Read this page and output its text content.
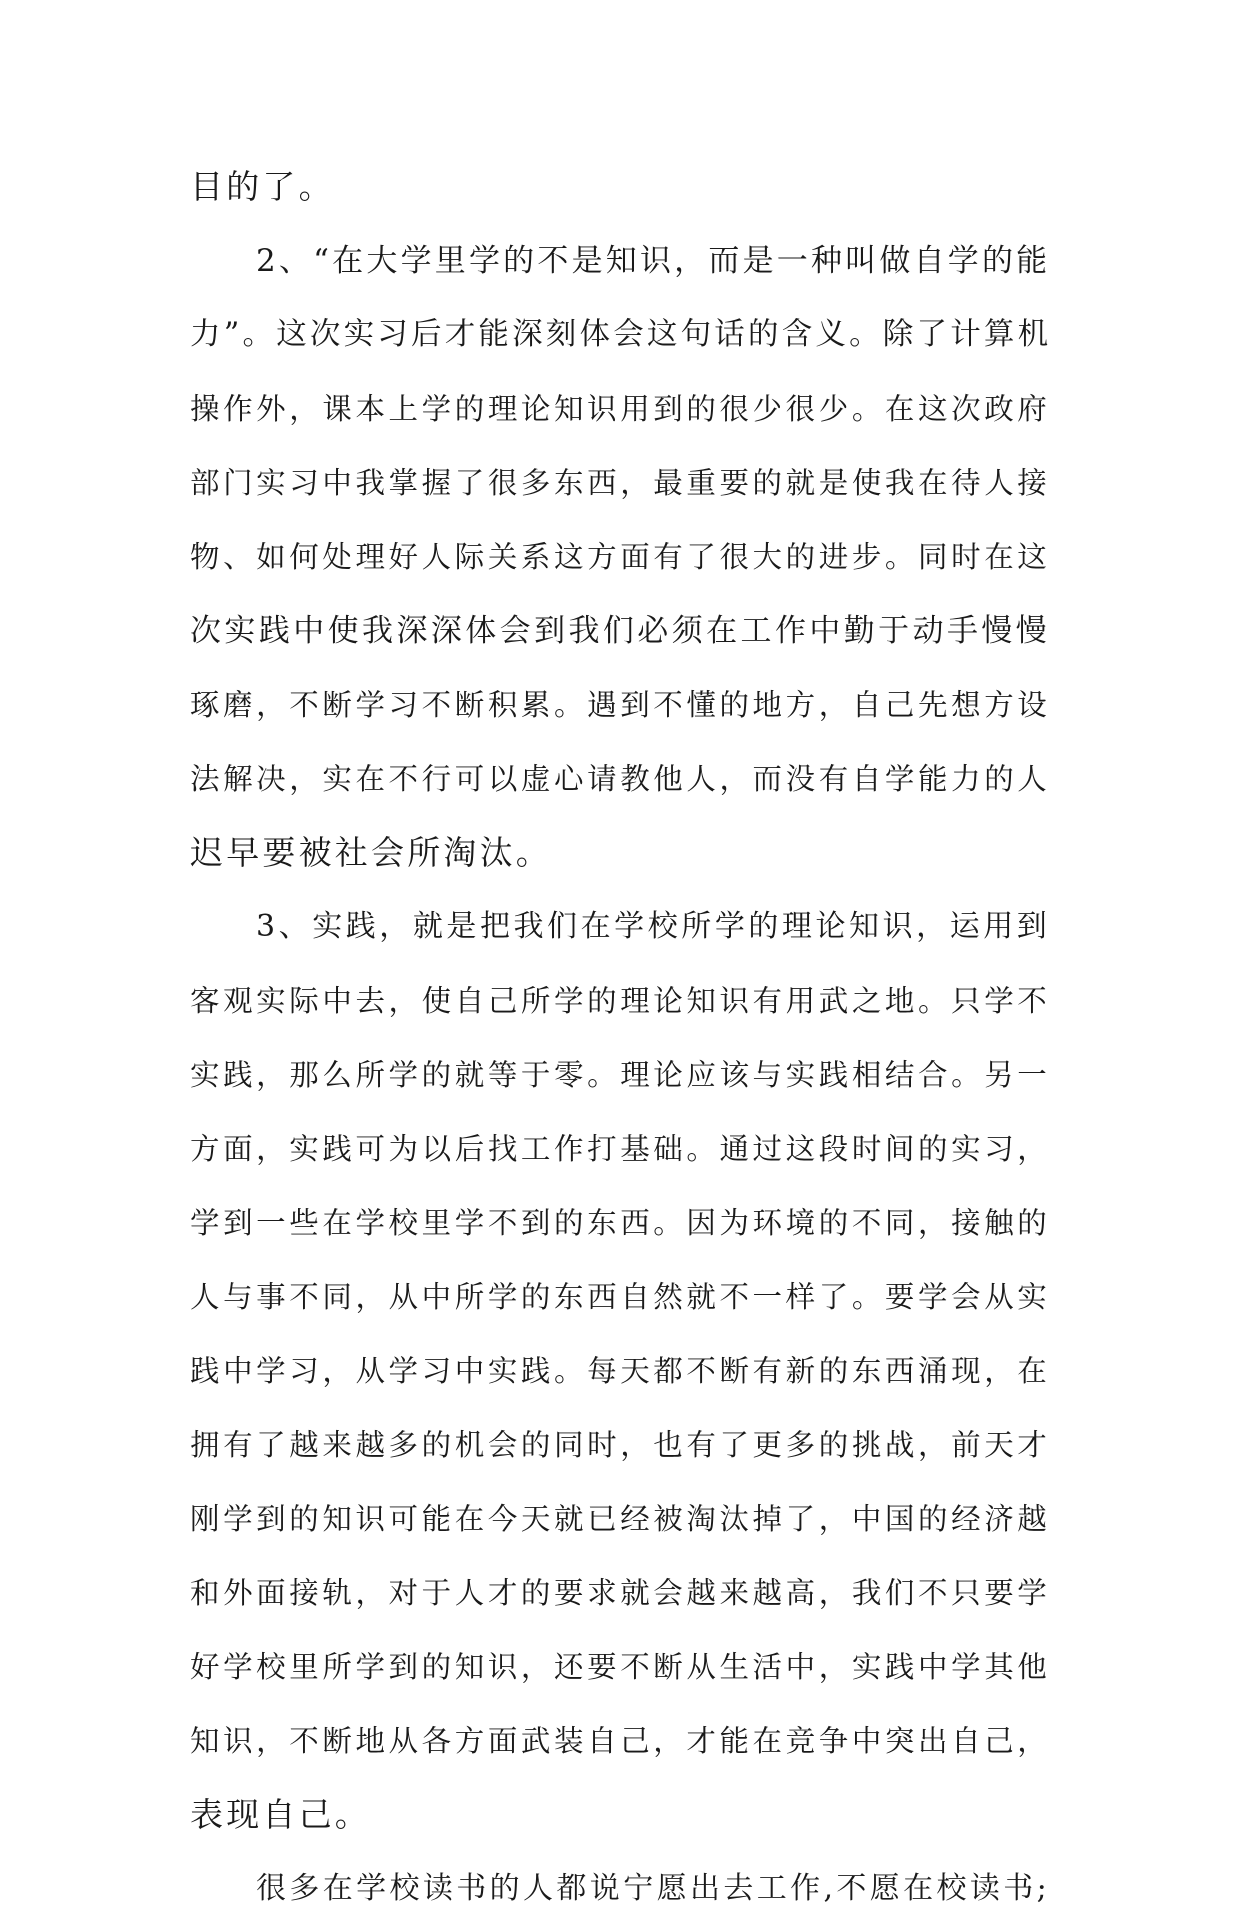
目的了。
2、“在大学里学的不是知识，而是一种叫做自学的能
力”。这次实习后才能深刻体会这句话的含义。除了计算机
操作外，课本上学的理论知识用到的很少很少。在这次政府
部门实习中我掌握了很多东西，最重要的就是使我在待人接
物、如何处理好人际关系这方面有了很大的进步。同时在这
次实践中使我深深体会到我们必须在工作中勤于动手慢慢
琢磨，不断学习不断积累。遇到不懂的地方，自己先想方设
法解决，实在不行可以虚心请教他人，而没有自学能力的人
迟早要被社会所淘汰。
3、实践，就是把我们在学校所学的理论知识，运用到
客观实际中去，使自己所学的理论知识有用武之地。只学不
实践，那么所学的就等于零。理论应该与实践相结合。另一
方面，实践可为以后找工作打基础。通过这段时间的实习，
学到一些在学校里学不到的东西。因为环境的不同，接触的
人与事不同，从中所学的东西自然就不一样了。要学会从实
践中学习，从学习中实践。每天都不断有新的东西涌现，在
拥有了越来越多的机会的同时，也有了更多的挑战，前天才
刚学到的知识可能在今天就已经被淘汰掉了，中国的经济越
和外面接轨，对于人才的要求就会越来越高，我们不只要学
好学校里所学到的知识，还要不断从生活中，实践中学其他
知识，不断地从各方面武装自己，才能在竞争中突出自己，
表现自己。
很多在学校读书的人都说宁愿出去工作,不愿在校读书;
